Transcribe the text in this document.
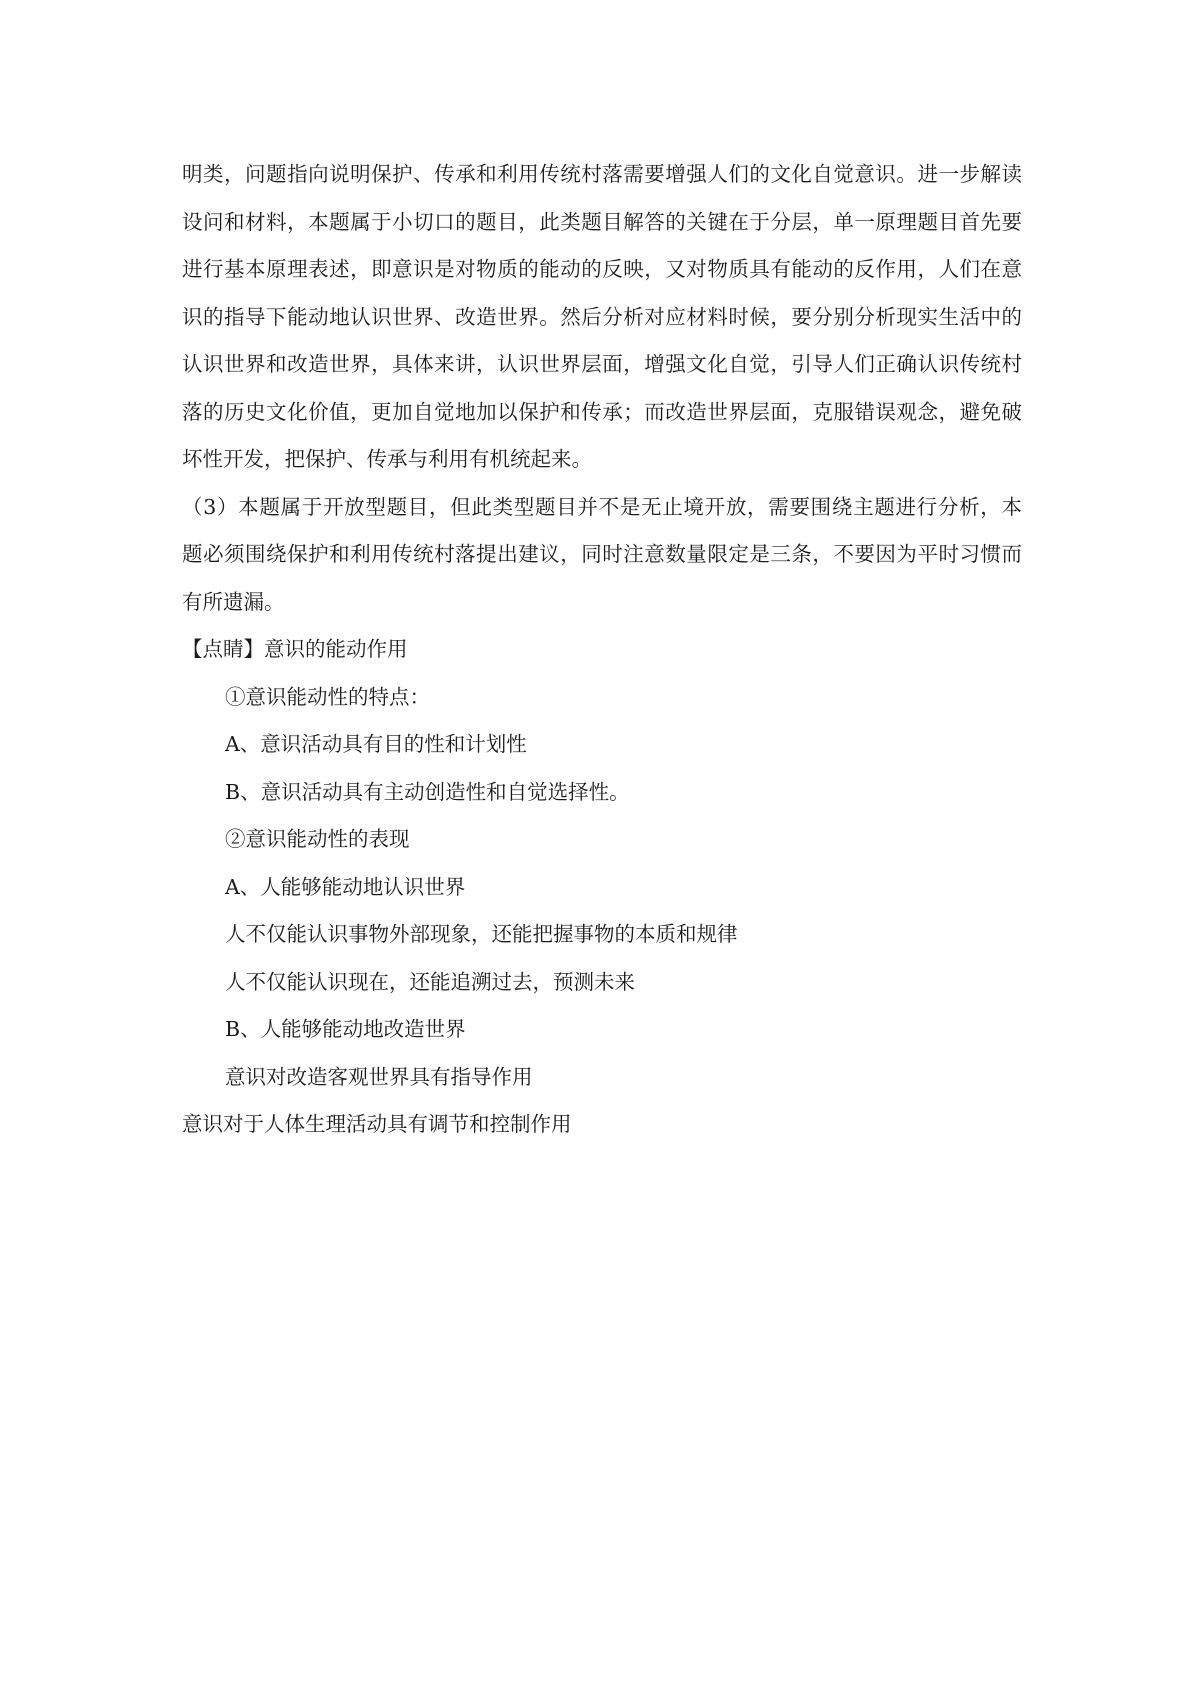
明类，问题指向说明保护、传承和利用传统村落需要增强人们的文化自觉意识。进一步解读
设问和材料，本题属于小切口的题目，此类题目解答的关键在于分层，单一原理题目首先要
进行基本原理表述，即意识是对物质的能动的反映，又对物质具有能动的反作用，人们在意
识的指导下能动地认识世界、改造世界。然后分析对应材料时候，要分别分析现实生活中的
认识世界和改造世界，具体来讲，认识世界层面，增强文化自觉，引导人们正确认识传统村
落的历史文化价值，更加自觉地加以保护和传承；而改造世界层面，克服错误观念，避免破
坏性开发，把保护、传承与利用有机统起来。
（3）本题属于开放型题目，但此类型题目并不是无止境开放，需要围绕主题进行分析，本
题必须围绕保护和利用传统村落提出建议，同时注意数量限定是三条，不要因为平时习惯而
有所遗漏。
【点睛】意识的能动作用
①意识能动性的特点：
A、意识活动具有目的性和计划性
B、意识活动具有主动创造性和自觉选择性。
②意识能动性的表现
A、人能够能动地认识世界
人不仅能认识事物外部现象，还能把握事物的本质和规律
人不仅能认识现在，还能追溯过去，预测未来
B、人能够能动地改造世界
意识对改造客观世界具有指导作用
意识对于人体生理活动具有调节和控制作用
